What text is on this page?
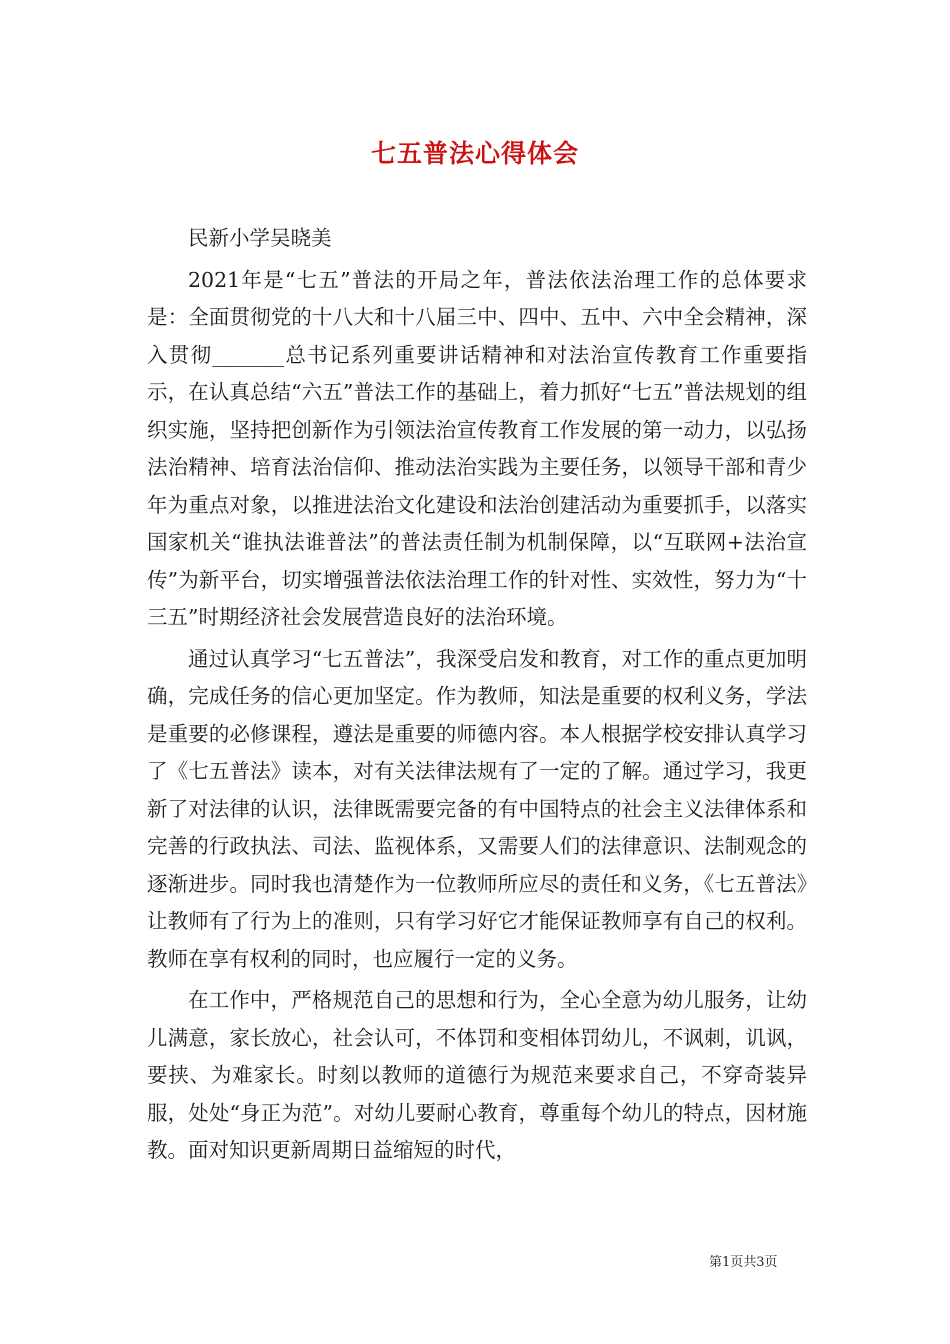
七五普法心得体会

民新小学吴晓美

2021年是“七五”普法的开局之年，普法依法治理工作的总体要求是：全面贯彻党的十八大和十八届三中、四中、五中、六中全会精神，深入贯彻_______总书记系列重要讲话精神和对法治宣传教育工作重要指示，在认真总结“六五”普法工作的基础上，着力抓好“七五”普法规划的组织实施，坚持把创新作为引领法治宣传教育工作发展的第一动力，以弘扬法治精神、培育法治信仰、推动法治实践为主要任务，以领导干部和青少年为重点对象，以推进法治文化建设和法治创建活动为重要抓手，以落实国家机关“谁执法谁普法”的普法责任制为机制保障，以“互联网+法治宣传”为新平台，切实增强普法依法治理工作的针对性、实效性，努力为“十三五”时期经济社会发展营造良好的法治环境。

通过认真学习“七五普法”，我深受启发和教育，对工作的重点更加明确，完成任务的信心更加坚定。作为教师，知法是重要的权利义务，学法是重要的必修课程，遵法是重要的师德内容。本人根据学校安排认真学习了《七五普法》读本，对有关法律法规有了一定的了解。通过学习，我更新了对法律的认识，法律既需要完备的有中国特点的社会主义法律体系和完善的行政执法、司法、监视体系，又需要人们的法律意识、法制观念的逐渐进步。同时我也清楚作为一位教师所应尽的责任和义务，《七五普法》让教师有了行为上的准则，只有学习好它才能保证教师享有自己的权利。教师在享有权利的同时，也应履行一定的义务。

在工作中，严格规范自己的思想和行为，全心全意为幼儿服务，让幼儿满意，家长放心，社会认可，不体罚和变相体罚幼儿，不讽刺，讥讽，要挟、为难家长。时刻以教师的道德行为规范来要求自己，不穿奇装异服，处处“身正为范”。对幼儿要耐心教育，尊重每个幼儿的特点，因材施教。面对知识更新周期日益缩短的时代，

第1页共3页
